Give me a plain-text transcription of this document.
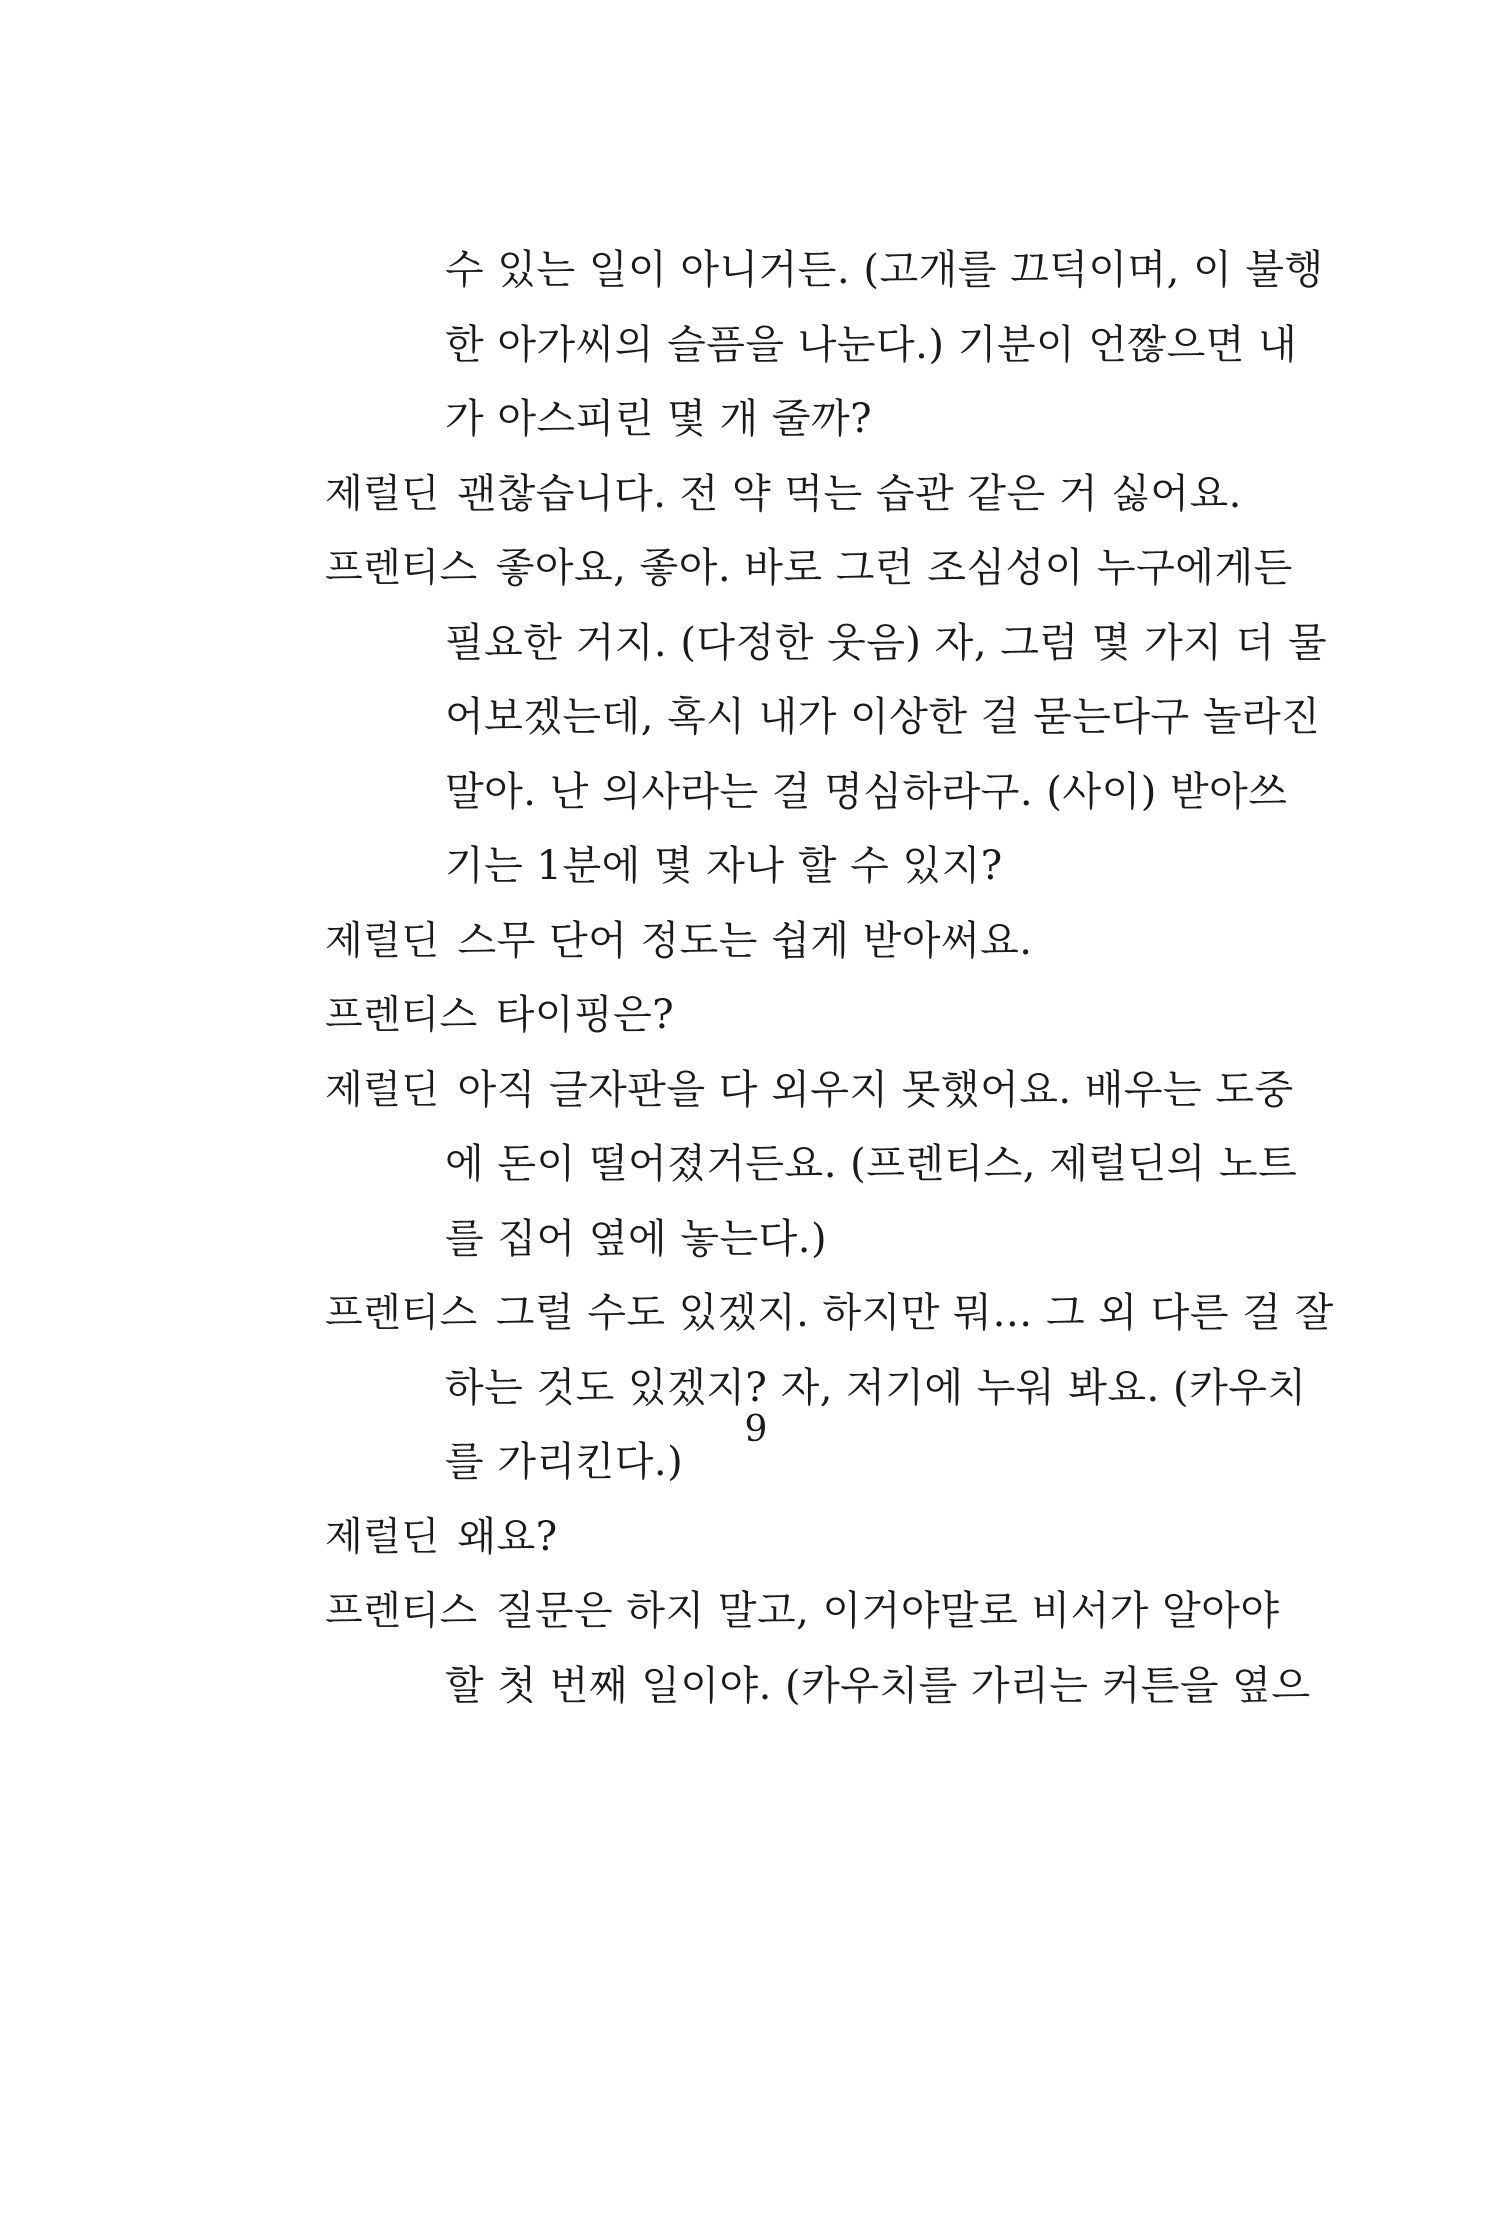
수 있는 일이 아니거든. (고개를 끄덕이며, 이 불행
한 아가씨의 슬픔을 나눈다.) 기분이 언짢으면 내
가 아스피린 몇 개 줄까?
제럴딘 괜찮습니다. 전 약 먹는 습관 같은 거 싫어요.
프렌티스 좋아요, 좋아. 바로 그런 조심성이 누구에게든
필요한 거지. (다정한 웃음) 자, 그럼 몇 가지 더 물
어보겠는데, 혹시 내가 이상한 걸 묻는다구 놀라진
말아. 난 의사라는 걸 명심하라구. (사이) 받아쓰
기는 1분에 몇 자나 할 수 있지?
제럴딘 스무 단어 정도는 쉽게 받아써요.
프렌티스 타이핑은?
제럴딘 아직 글자판을 다 외우지 못했어요. 배우는 도중
에 돈이 떨어졌거든요. (프렌티스, 제럴딘의 노트
를 집어 옆에 놓는다.)
프렌티스 그럴 수도 있겠지. 하지만 뭐… 그 외 다른 걸 잘
하는 것도 있겠지? 자, 저기에 누워 봐요. (카우치
를 가리킨다.)
제럴딘 왜요?
프렌티스 질문은 하지 말고, 이거야말로 비서가 알아야
할 첫 번째 일이야. (카우치를 가리는 커튼을 옆으
9
